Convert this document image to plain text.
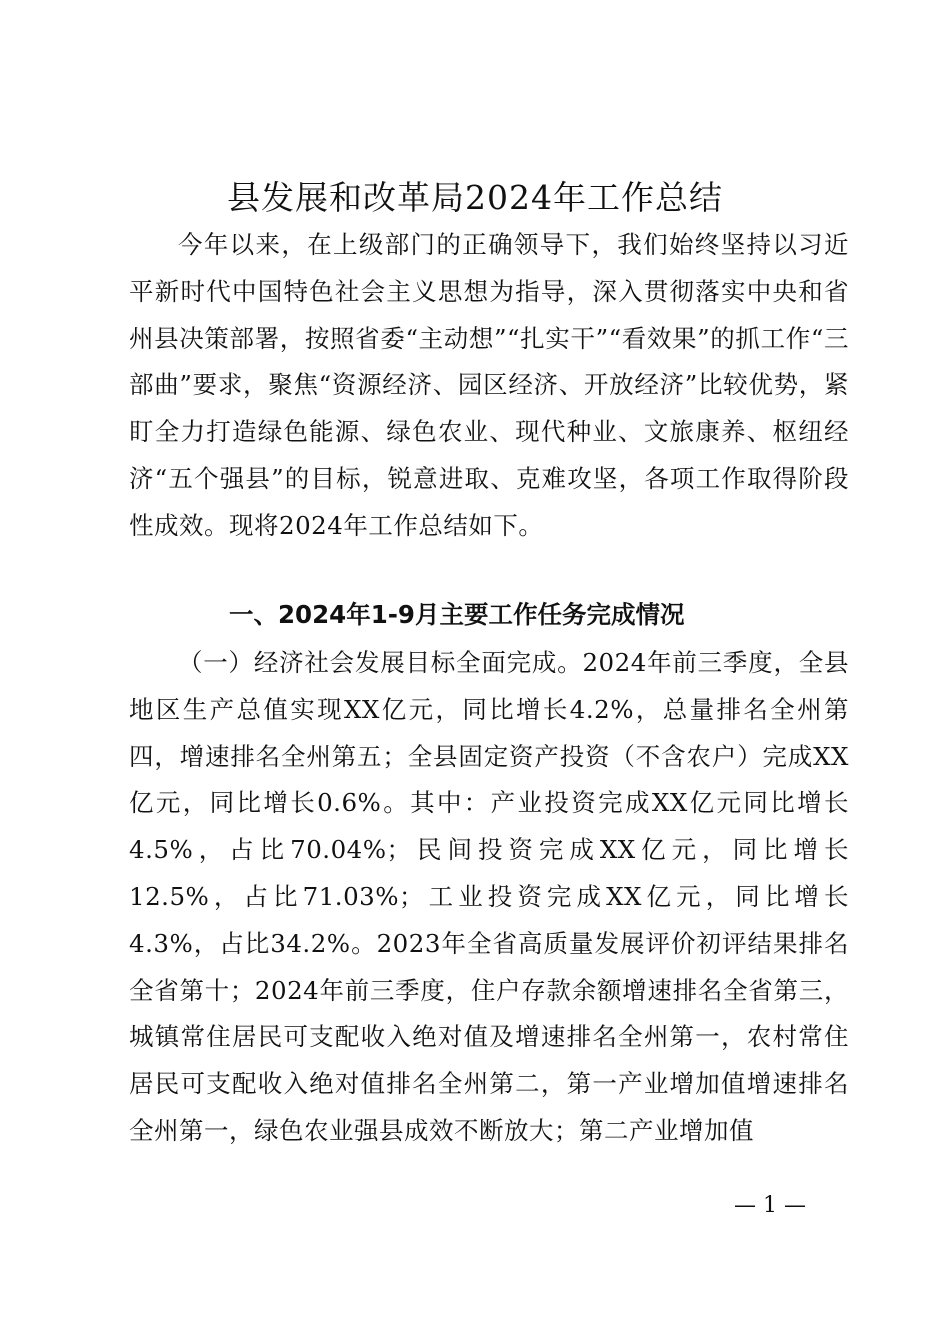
县发展和改革局2024年工作总结

今年以来，在上级部门的正确领导下，我们始终坚持以习近平新时代中国特色社会主义思想为指导，深入贯彻落实中央和省州县决策部署，按照省委“主动想”“扎实干”“看效果”的抓工作“三部曲”要求，聚焦“资源经济、园区经济、开放经济”比较优势，紧盯全力打造绿色能源、绿色农业、现代种业、文旅康养、枢纽经济“五个强县”的目标，锐意进取、克难攻坚，各项工作取得阶段性成效。现将2024年工作总结如下。

一、2024年1-9月主要工作任务完成情况

（一）经济社会发展目标全面完成。2024年前三季度，全县地区生产总值实现XX亿元，同比增长4.2%，总量排名全州第四，增速排名全州第五；全县固定资产投资（不含农户）完成XX亿元，同比增长0.6%。其中：产业投资完成XX亿元同比增长4.5%，占比70.04%；民间投资完成XX亿元，同比增长12.5%，占比71.03%；工业投资完成XX亿元，同比增长4.3%，占比34.2%。2023年全省高质量发展评价初评结果排名全省第十；2024年前三季度，住户存款余额增速排名全省第三，城镇常住居民可支配收入绝对值及增速排名全州第一，农村常住居民可支配收入绝对值排名全州第二，第一产业增加值增速排名全州第一，绿色农业强县成效不断放大；第二产业增加值

— 1 —
